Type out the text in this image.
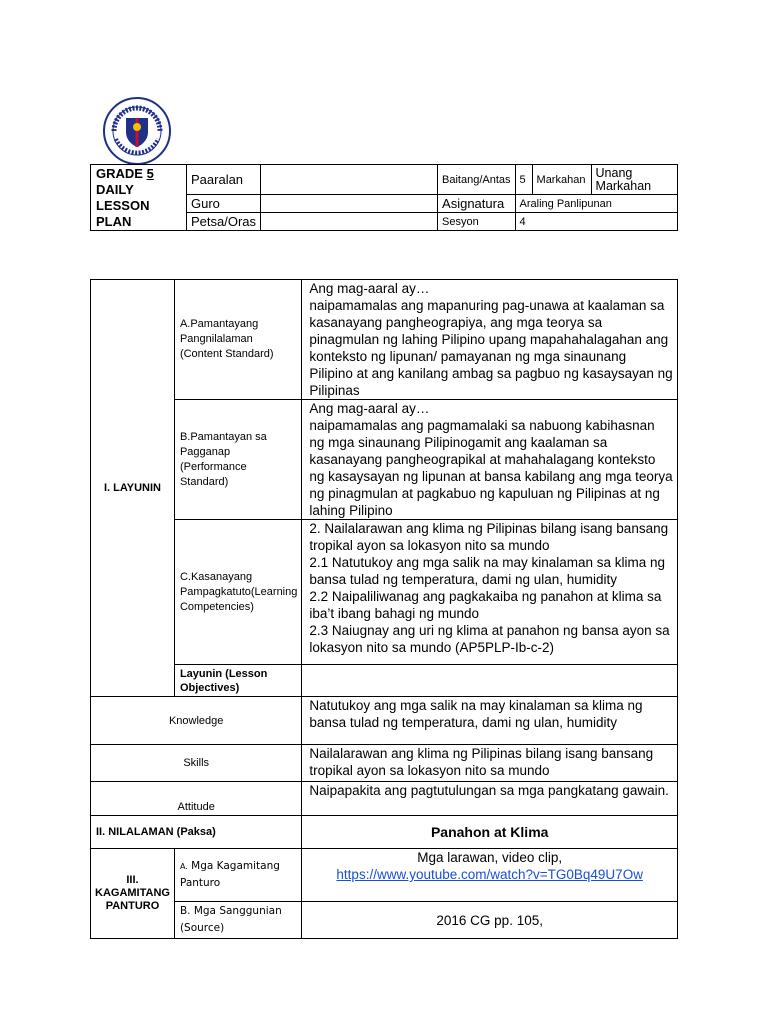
GRADE 5
DAILY LESSON PLAN	Paaralan		Baitang/Antas	5	Markahan	Unang Markahan
	Guro		Asignatura	Araling Panlipunan		
	Petsa/Oras		Sesyon	4		
I. LAYUNIN	A.Pamantayang Pangnilalaman (Content Standard)	Ang mag-aaral ay…
naipamamalas ang mapanuring pag-unawa at kaalaman sa kasanayang pangheograpiya, ang mga teorya sa pinagmulan ng lahing Pilipino upang mapahahalagahan ang konteksto ng lipunan/ pamayanan ng mga sinaunang Pilipino at ang kanilang ambag sa pagbuo ng kasaysayan ng Pilipinas

	B.Pamantayan sa Pagganap (Performance Standard)	Ang mag-aaral ay…
naipamamalas ang pagmamalaki sa nabuong kabihasnan ng mga sinaunang Pilipinogamit ang kaalaman sa kasanayang pangheograpikal at mahahalagang konteksto ng kasaysayan ng lipunan at bansa kabilang ang mga teorya ng pinagmulan at pagkabuo ng kapuluan ng Pilipinas at ng lahing Pilipino

	C.Kasanayang Pampagkatuto(Learning Competencies)	2. Nailalarawan ang klima ng Pilipinas bilang isang bansang tropikal ayon sa lokasyon nito sa mundo
2.1 Natutukoy ang mga salik na may kinalaman sa klima ng bansa tulad ng temperatura, dami ng ulan, humidity
2.2 Naipaliliwanag ang pagkakaiba ng panahon at klima sa iba’t ibang bahagi ng mundo
2.3 Naiugnay ang uri ng klima at panahon ng bansa ayon sa lokasyon nito sa mundo (AP5PLP-Ib-c-2)

	Layunin (Lesson Objectives)	
Knowledge		Natutukoy ang mga salik na may kinalaman sa klima ng bansa tulad ng temperatura, dami ng ulan, humidity
Skills		Nailalarawan ang klima ng Pilipinas bilang isang bansang tropikal ayon sa lokasyon nito sa mundo
Attitude		Naipapakita ang pagtutulungan sa mga pangkatang gawain.
II. NILALAMAN (Paksa)		Panahon at Klima
III. KAGAMITANG PANTURO	A. Mga Kagamitang Panturo	Mga larawan, video clip,
https://www.youtube.com/watch?v=TG0Bq49U7Ow

	B. Mga Sanggunian (Source)	2016 CG pp. 105,
